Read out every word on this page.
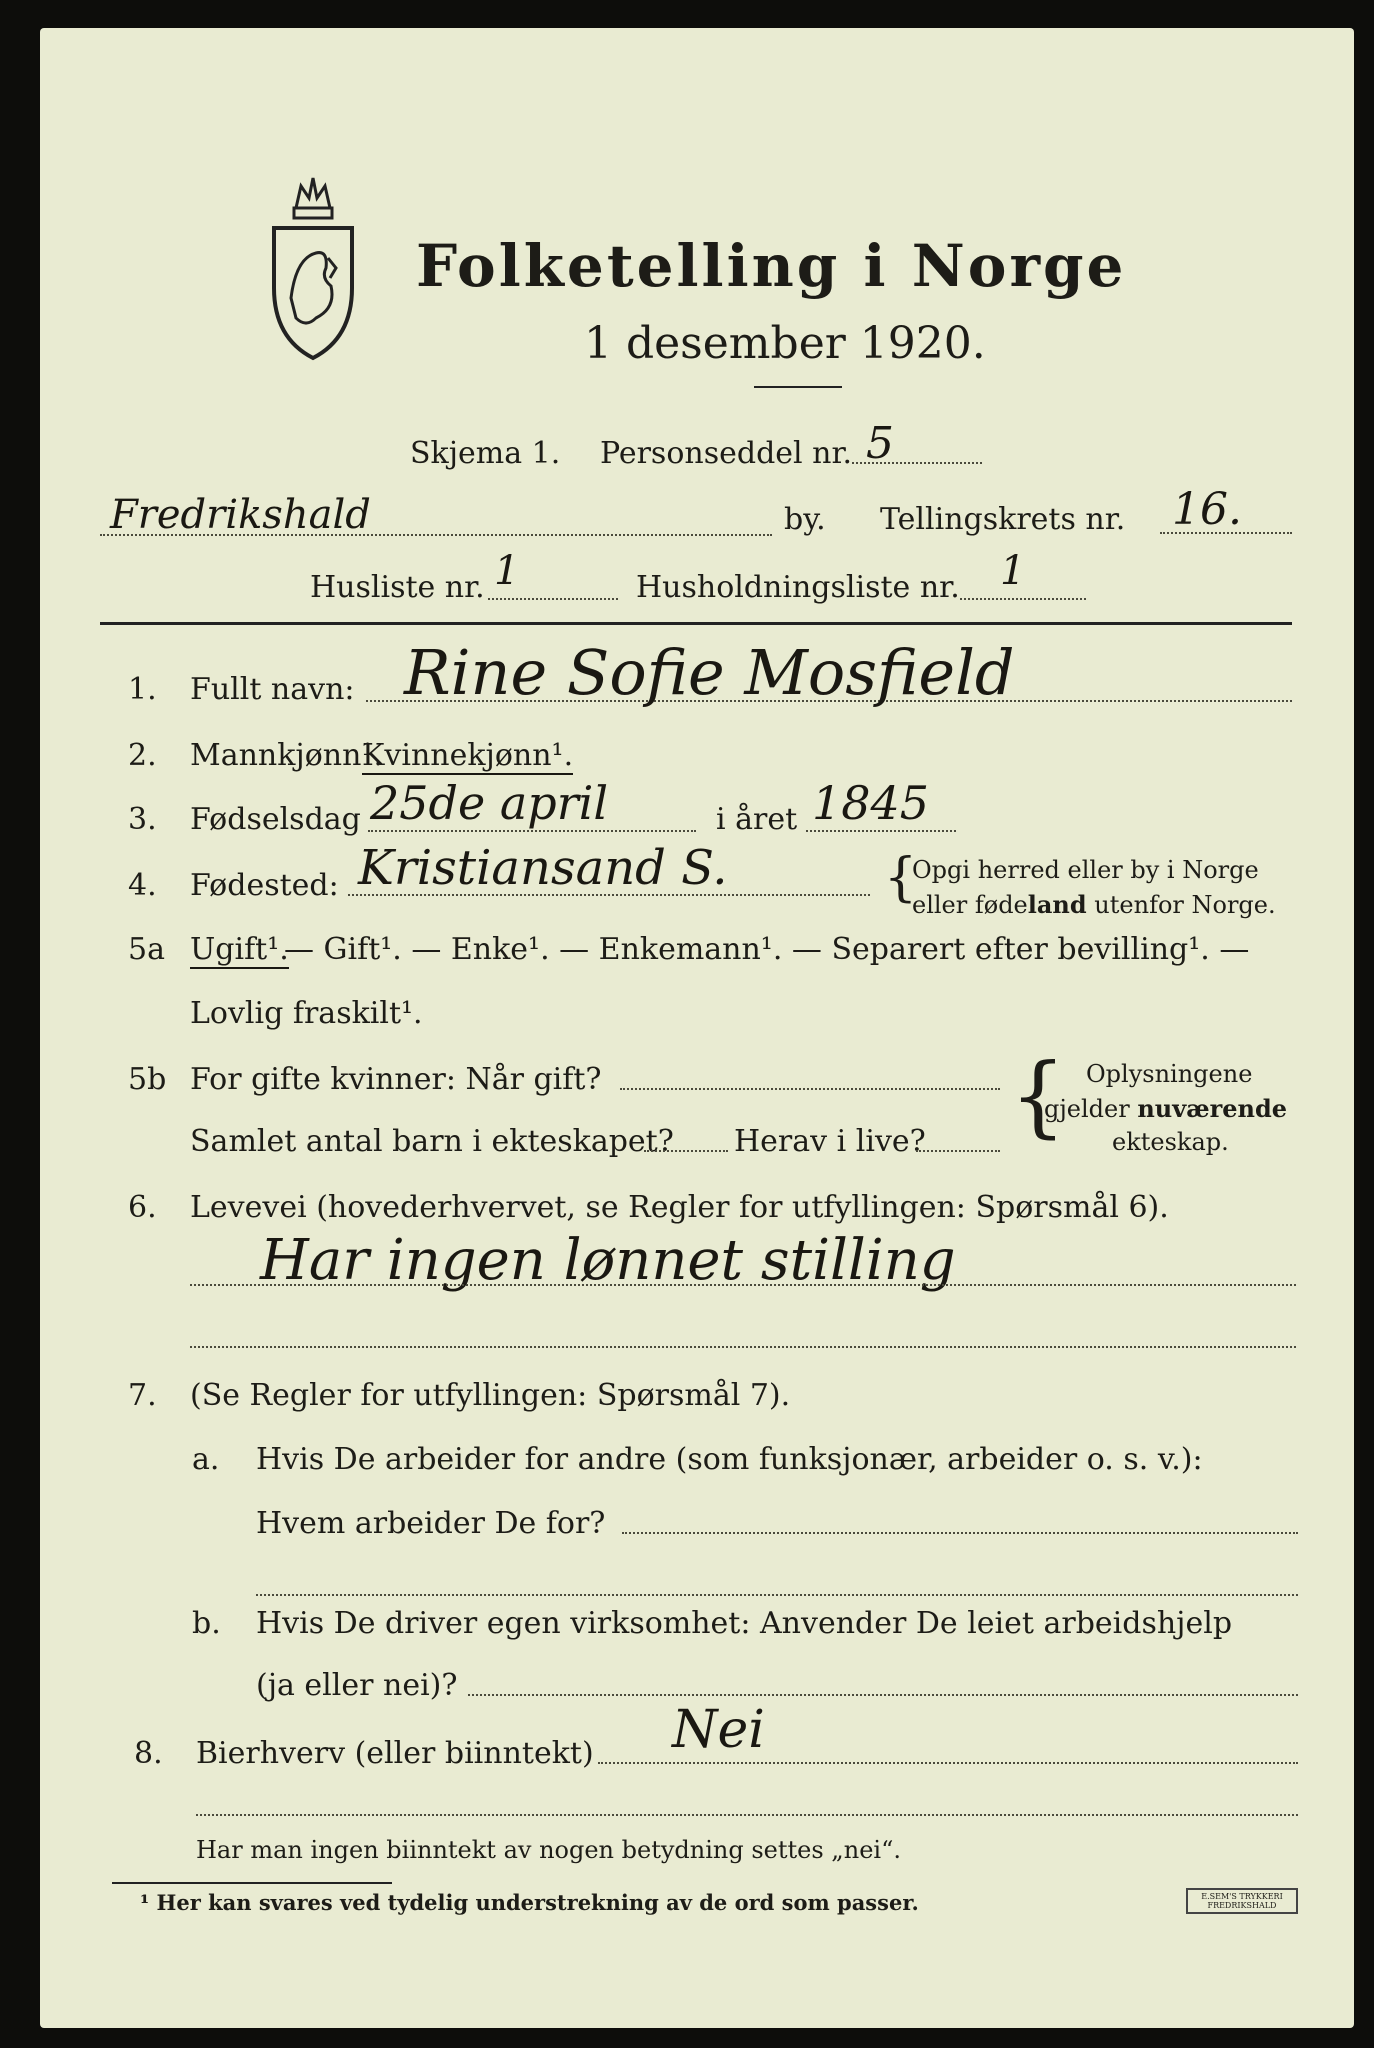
Folketelling i Norge
1 desember 1920.
Skjema 1. Personseddel nr. 5
Fredrikshald	by. Tellingskrets nr. 16.
Husliste nr. 1	Husholdningsliste nr. 1
1. Fullt navn: Rine Sofie Mosfield
2. Mannkjønn¹.
Kvinnekjønn¹.
3. Fødselsdag 25de april	i året 1845
4. Fødested: Kristiansand S.	{
Opgi herred eller by i Norge
eller fødeland utenfor Norge.
5a Ugift¹.
— Gift¹. — Enke¹. — Enkemann¹. — Separert efter bevilling¹. —
Lovlig fraskilt¹.
5b For gifte kvinner: Når gift?
Samlet antal barn i ekteskapet? Herav i live? { Oplysningene
gjelder nuværende
ekteskap.
6. Levevei (hovederhvervet, se Regler for utfyllingen: Spørsmål 6).
Har ingen lønnet stilling
7. (Se Regler for utfyllingen: Spørsmål 7).
a. Hvis De arbeider for andre (som funksjonær, arbeider o. s. v.):
Hvem arbeider De for?
b. Hvis De driver egen virksomhet: Anvender De leiet arbeidshjelp
(ja eller nei)?
8. Bierhverv (eller biinntekt) Nei
Har man ingen biinntekt av nogen betydning settes „nei“.
¹ Her kan svares ved tydelig understrekning av de ord som passer.	E.SEM'S TRYKKERI FREDRIKSHALD
